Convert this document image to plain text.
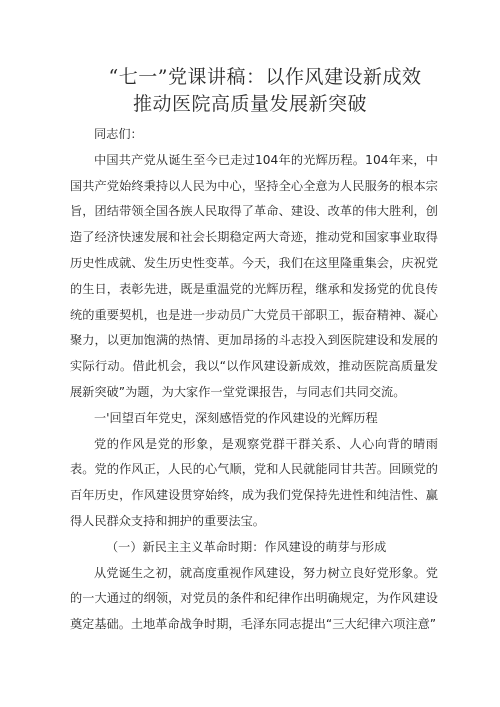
“七一”党课讲稿：以作风建设新成效
推动医院高质量发展新突破

同志们：

中国共产党从诞生至今已走过104年的光辉历程。104年来，中国共产党始终秉持以人民为中心，坚持全心全意为人民服务的根本宗旨，团结带领全国各族人民取得了革命、建设、改革的伟大胜利，创造了经济快速发展和社会长期稳定两大奇迹，推动党和国家事业取得历史性成就、发生历史性变革。今天，我们在这里隆重集会，庆祝党的生日，表彰先进，既是重温党的光辉历程，继承和发扬党的优良传统的重要契机，也是进一步动员广大党员干部职工，振奋精神、凝心聚力，以更加饱满的热情、更加昂扬的斗志投入到医院建设和发展的实际行动。借此机会，我以“以作风建设新成效，推动医院高质量发展新突破”为题，为大家作一堂党课报告，与同志们共同交流。

一'回望百年党史，深刻感悟党的作风建设的光辉历程

党的作风是党的形象，是观察党群干群关系、人心向背的晴雨表。党的作风正，人民的心气顺，党和人民就能同甘共苦。回顾党的百年历史，作风建设贯穿始终，成为我们党保持先进性和纯洁性、赢得人民群众支持和拥护的重要法宝。

（一）新民主主义革命时期：作风建设的萌芽与形成

从党诞生之初，就高度重视作风建设，努力树立良好党形象。党的一大通过的纲领，对党员的条件和纪律作出明确规定，为作风建设奠定基础。土地革命战争时期，毛泽东同志提出“三大纪律六项注意”
